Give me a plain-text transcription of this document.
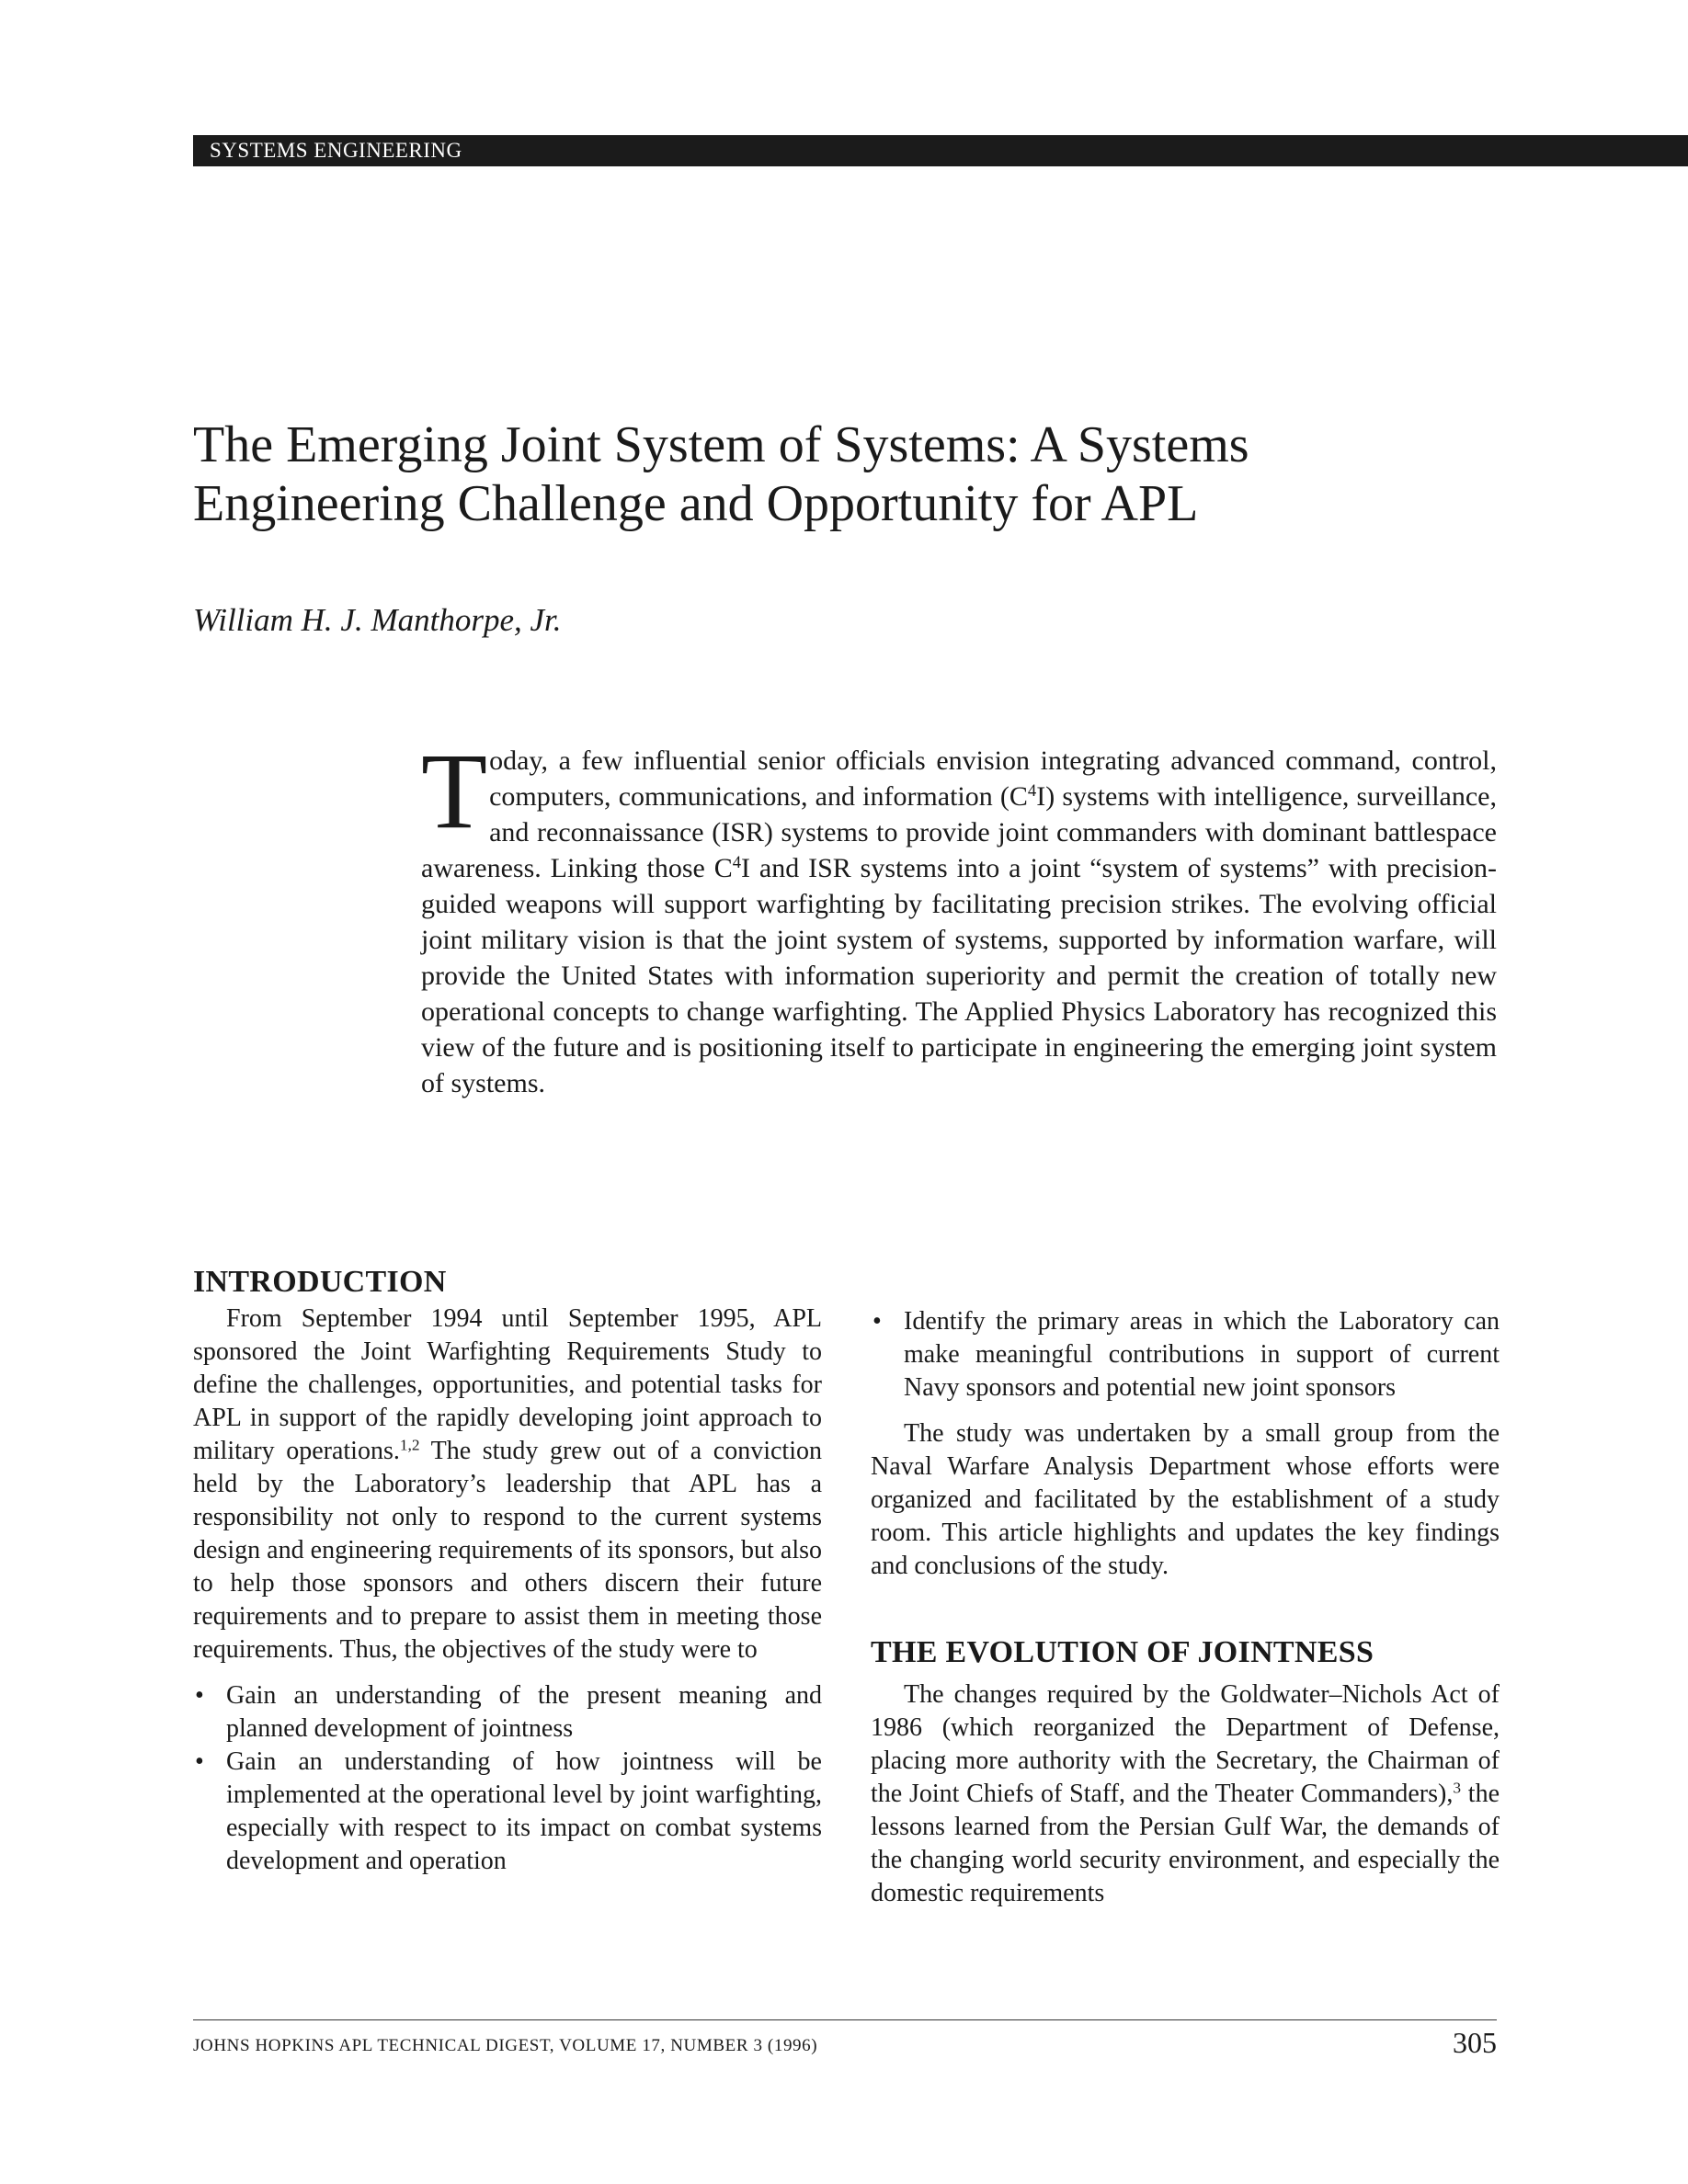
SYSTEMS ENGINEERING
The Emerging Joint System of Systems: A Systems
Engineering Challenge and Opportunity for APL
William H. J. Manthorpe, Jr.

Today, a few influential senior officials envision integrating advanced command, control, computers, communications, and information $(C^4I)$ systems with intelligence, surveillance, and reconnaissance (ISR) systems to provide joint commanders with dominant battlespace awareness. Linking those $C^4I$ and ISR systems into a joint “system of systems” with precision-guided weapons will support warfighting by facilitating precision strikes. The evolving official joint military vision is that the joint system of systems, supported by information warfare, will provide the United States with information superiority and permit the creation of totally new operational concepts to change warfighting. The Applied Physics Laboratory has recognized this view of the future and is positioning itself to participate in engineering the emerging joint system of systems.

INTRODUCTION

From September 1994 until September 1995, APL sponsored the Joint Warfighting Requirements Study to define the challenges, opportunities, and potential tasks for APL in support of the rapidly developing joint approach to military operations.$^{1,2}$ The study grew out of a conviction held by the Laboratory’s leadership that APL has a responsibility not only to respond to the current systems design and engineering requirements of its sponsors, but also to help those sponsors and others discern their future requirements and to prepare to assist them in meeting those requirements. Thus, the objectives of the study were to

• Gain an understanding of the present meaning and planned development of jointness
• Gain an understanding of how jointness will be implemented at the operational level by joint warfighting, especially with respect to its impact on combat systems development and operation
• Identify the primary areas in which the Laboratory can make meaningful contributions in support of current Navy sponsors and potential new joint sponsors

The study was undertaken by a small group from the Naval Warfare Analysis Department whose efforts were organized and facilitated by the establishment of a study room. This article highlights and updates the key findings and conclusions of the study.

THE EVOLUTION OF JOINTNESS

The changes required by the Goldwater–Nichols Act of 1986 (which reorganized the Department of Defense, placing more authority with the Secretary, the Chairman of the Joint Chiefs of Staff, and the Theater Commanders),$^3$ the lessons learned from the Persian Gulf War, the demands of the changing world security environment, and especially the domestic requirements

JOHNS HOPKINS APL TECHNICAL DIGEST, VOLUME 17, NUMBER 3 (1996)	305
